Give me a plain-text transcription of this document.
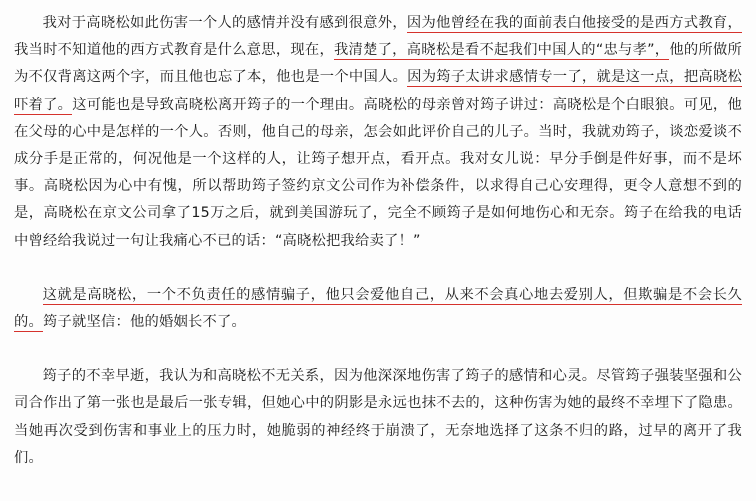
我对于高晓松如此伤害一个人的感情并没有感到很意外，因为他曾经在我的面前表白他接受的是西方式教育，我当时不知道他的西方式教育是什么意思，现在，我清楚了，高晓松是看不起我们中国人的“忠与孝”，他的所做所为不仅背离这两个字，而且他也忘了本，他也是一个中国人。因为筠子太讲求感情专一了，就是这一点，把高晓松吓着了。这可能也是导致高晓松离开筠子的一个理由。高晓松的母亲曾对筠子讲过：高晓松是个白眼狼。可见，他在父母的心中是怎样的一个人。否则，他自己的母亲，怎会如此评价自己的儿子。当时，我就劝筠子，谈恋爱谈不成分手是正常的，何况他是一个这样的人，让筠子想开点，看开点。我对女儿说：早分手倒是件好事，而不是坏事。高晓松因为心中有愧，所以帮助筠子签约京文公司作为补偿条件，以求得自己心安理得，更令人意想不到的是，高晓松在京文公司拿了15万之后，就到美国游玩了，完全不顾筠子是如何地伤心和无奈。筠子在给我的电话中曾经给我说过一句让我痛心不已的话：“高晓松把我给卖了！”

这就是高晓松，一个不负责任的感情骗子，他只会爱他自己，从来不会真心地去爱别人，但欺骗是不会长久的。筠子就坚信：他的婚姻长不了。

筠子的不幸早逝，我认为和高晓松不无关系，因为他深深地伤害了筠子的感情和心灵。尽管筠子强装坚强和公司合作出了第一张也是最后一张专辑，但她心中的阴影是永远也抹不去的，这种伤害为她的最终不幸埋下了隐患。当她再次受到伤害和事业上的压力时，她脆弱的神经终于崩溃了，无奈地选择了这条不归的路，过早的离开了我们。
